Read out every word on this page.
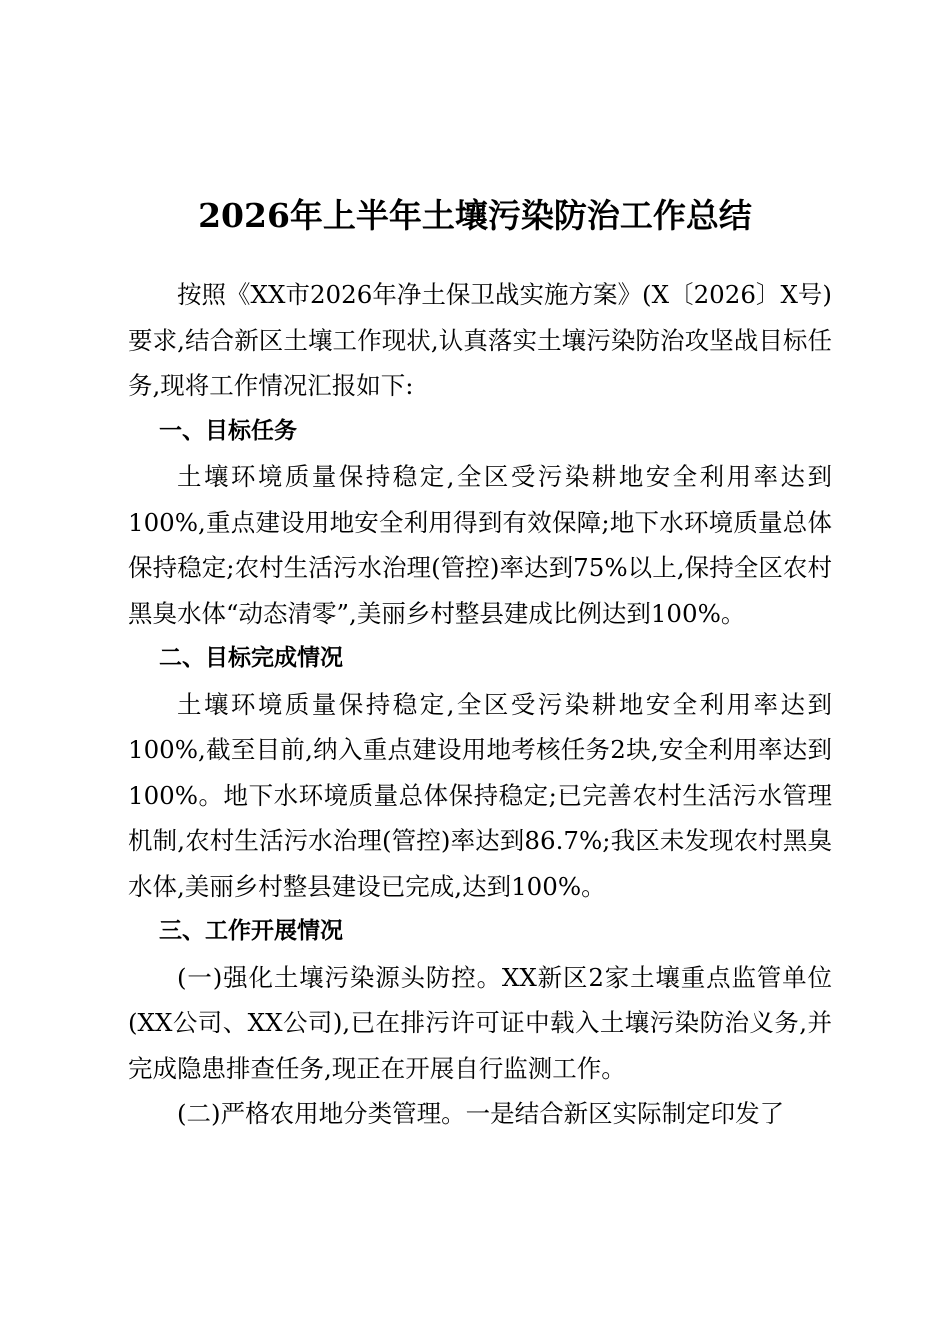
2026年上半年土壤污染防治工作总结

按照《XX市2026年净土保卫战实施方案》(X〔2026〕X号)要求,结合新区土壤工作现状,认真落实土壤污染防治攻坚战目标任务,现将工作情况汇报如下:

一、目标任务

土壤环境质量保持稳定,全区受污染耕地安全利用率达到100%,重点建设用地安全利用得到有效保障;地下水环境质量总体保持稳定;农村生活污水治理(管控)率达到75%以上,保持全区农村黑臭水体“动态清零”,美丽乡村整县建成比例达到100%。

二、目标完成情况

土壤环境质量保持稳定,全区受污染耕地安全利用率达到100%,截至目前,纳入重点建设用地考核任务2块,安全利用率达到100%。地下水环境质量总体保持稳定;已完善农村生活污水管理机制,农村生活污水治理(管控)率达到86.7%;我区未发现农村黑臭水体,美丽乡村整县建设已完成,达到100%。

三、工作开展情况

(一)强化土壤污染源头防控。XX新区2家土壤重点监管单位(XX公司、XX公司),已在排污许可证中载入土壤污染防治义务,并完成隐患排查任务,现正在开展自行监测工作。

(二)严格农用地分类管理。一是结合新区实际制定印发了
